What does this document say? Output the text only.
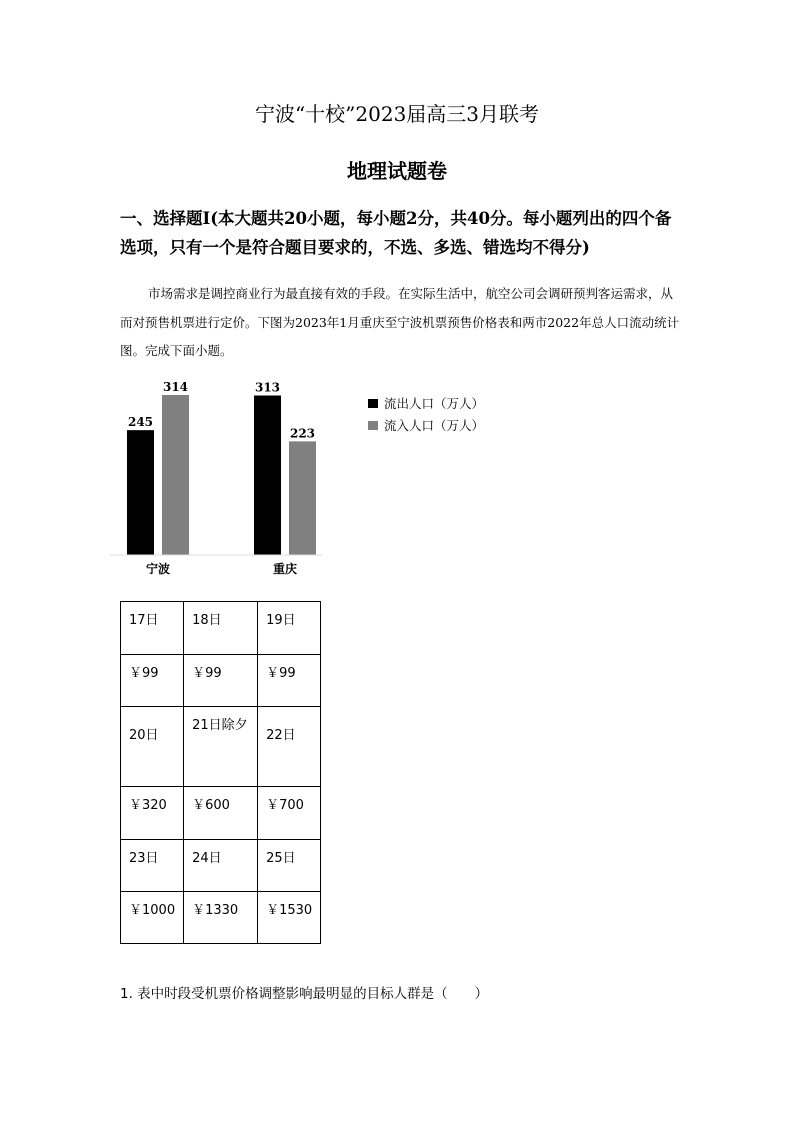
宁波“十校”2023届高三3月联考
地理试题卷
一、选择题Ⅰ(本大题共20小题，每小题2分，共40分。每小题列出的四个备选项，只有一个是符合题目要求的，不选、多选、错选均不得分)
市场需求是调控商业行为最直接有效的手段。在实际生活中，航空公司会调研预判客运需求，从而对预售机票进行定价。下图为2023年1月重庆至宁波机票预售价格表和两市2022年总人口流动统计图。完成下面小题。
245
314	313
223
宁波	重庆
流出人口（万人）
流入人口（万人）
17日	18日	19日
￥99	￥99	￥99
20日	21日除夕	22日
￥320	￥600	￥700
23日	24日	25日
￥1000	￥1330	￥1530
1. 表中时段受机票价格调整影响最明显的目标人群是（　　）
